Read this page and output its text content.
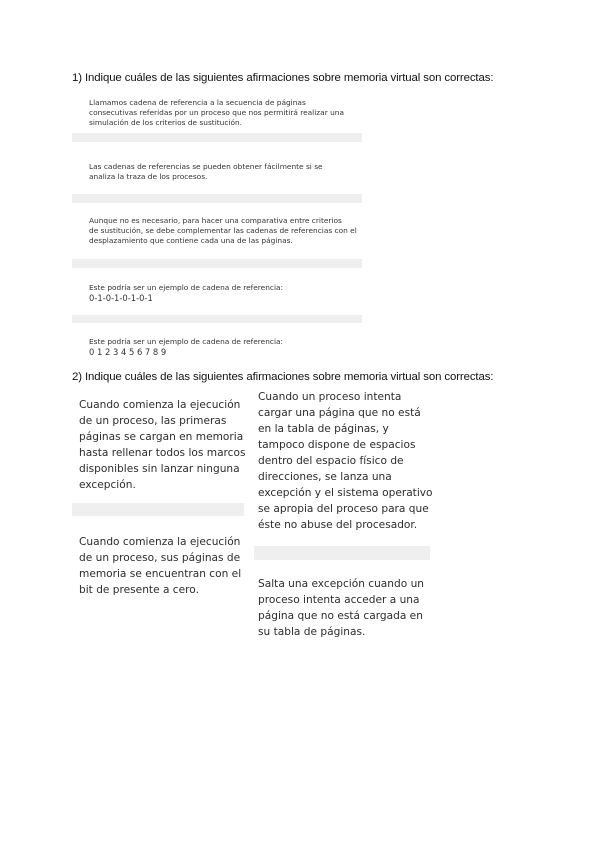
1) Indique cuáles de las siguientes afirmaciones sobre memoria virtual son correctas:
Llamamos cadena de referencia a la secuencia de páginas
consecutivas referidas por un proceso que nos permitirá realizar una
simulación de los criterios de sustitución.
Las cadenas de referencias se pueden obtener fácilmente si se
analiza la traza de los procesos.
Aunque no es necesario, para hacer una comparativa entre criterios
de sustitución, se debe complementar las cadenas de referencias con el
desplazamiento que contiene cada una de las páginas.
Este podría ser un ejemplo de cadena de referencia:
0-1-0-1-0-1-0-1
Este podría ser un ejemplo de cadena de referencia:
0 1 2 3 4 5 6 7 8 9
2) Indique cuáles de las siguientes afirmaciones sobre memoria virtual son correctas:
Cuando comienza la ejecución
de un proceso, las primeras
páginas se cargan en memoria
hasta rellenar todos los marcos
disponibles sin lanzar ninguna
excepción.
Cuando un proceso intenta
cargar una página que no está
en la tabla de páginas, y
tampoco dispone de espacios
dentro del espacio físico de
direcciones, se lanza una
excepción y el sistema operativo
se apropia del proceso para que
éste no abuse del procesador.
Cuando comienza la ejecución
de un proceso, sus páginas de
memoria se encuentran con el
bit de presente a cero.	Salta una excepción cuando un
proceso intenta acceder a una
página que no está cargada en
su tabla de páginas.
